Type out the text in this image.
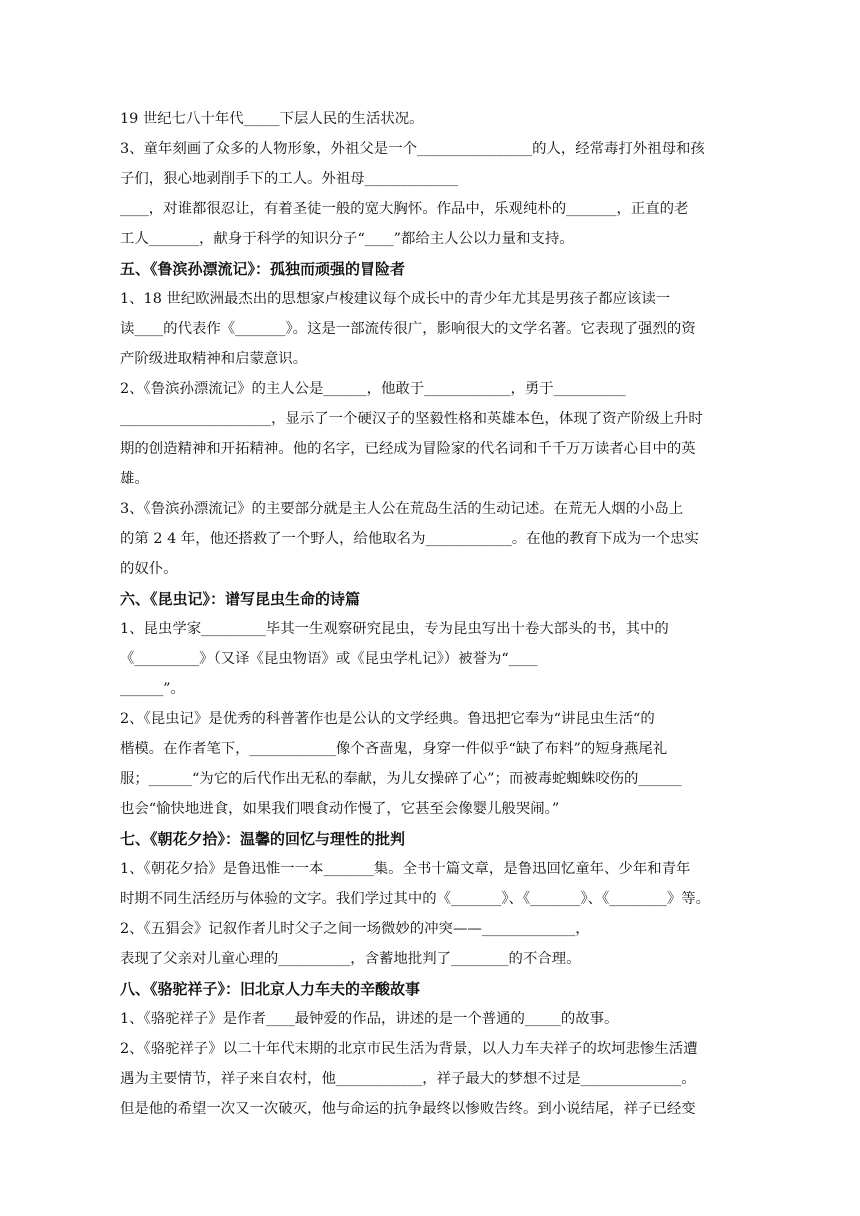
19 世纪七八十年代_____下层人民的生活状况。
3、童年刻画了众多的人物形象，外祖父是一个________________的人，经常毒打外祖母和孩
子们，狠心地剥削手下的工人。外祖母_____________
____，对谁都很忍让，有着圣徒一般的宽大胸怀。作品中，乐观纯朴的_______，正直的老
工人_______，献身于科学的知识分子“____”都给主人公以力量和支持。
五、《鲁滨孙漂流记》：孤独而顽强的冒险者
1、18 世纪欧洲最杰出的思想家卢梭建议每个成长中的青少年尤其是男孩子都应该读一
读____的代表作《_______》。这是一部流传很广，影响很大的文学名著。它表现了强烈的资
产阶级进取精神和启蒙意识。
2、《鲁滨孙漂流记》的主人公是______，他敢于____________，勇于__________
_____________________，显示了一个硬汉子的坚毅性格和英雄本色，体现了资产阶级上升时
期的创造精神和开拓精神。他的名字，已经成为冒险家的代名词和千千万万读者心目中的英
雄。
3、《鲁滨孙漂流记》的主要部分就是主人公在荒岛生活的生动记述。在荒无人烟的小岛上
的第 2 4 年，他还搭救了一个野人，给他取名为____________。在他的教育下成为一个忠实
的奴仆。
六、《昆虫记》：谱写昆虫生命的诗篇
1、昆虫学家_________毕其一生观察研究昆虫，专为昆虫写出十卷大部头的书，其中的
《_________》（又译《昆虫物语》或《昆虫学札记》）被誉为“____
______”。
2、《昆虫记》是优秀的科普著作也是公认的文学经典。鲁迅把它奉为“讲昆虫生活“的
楷模。在作者笔下，____________像个吝啬鬼，身穿一件似乎“缺了布料”的短身燕尾礼
服；______“为它的后代作出无私的奉献，为儿女操碎了心”；而被毒蛇蜘蛛咬伤的______
也会“愉快地进食，如果我们喂食动作慢了，它甚至会像婴儿般哭闹。”
七、《朝花夕拾》：温馨的回忆与理性的批判
1、《朝花夕拾》是鲁迅惟一一本_______集。全书十篇文章，是鲁迅回忆童年、少年和青年
时期不同生活经历与体验的文字。我们学过其中的《_______》、《_______》、《________》等。
2、《五猖会》记叙作者儿时父子之间一场微妙的冲突——_____________，
表现了父亲对儿童心理的__________，含蓄地批判了________的不合理。
八、《骆驼祥子》：旧北京人力车夫的辛酸故事
1、《骆驼祥子》是作者____最钟爱的作品，讲述的是一个普通的_____的故事。
2、《骆驼祥子》以二十年代末期的北京市民生活为背景，以人力车夫祥子的坎坷悲惨生活遭
遇为主要情节，祥子来自农村，他____________，祥子最大的梦想不过是______________。
但是他的希望一次又一次破灭，他与命运的抗争最终以惨败告终。到小说结尾，祥子已经变
